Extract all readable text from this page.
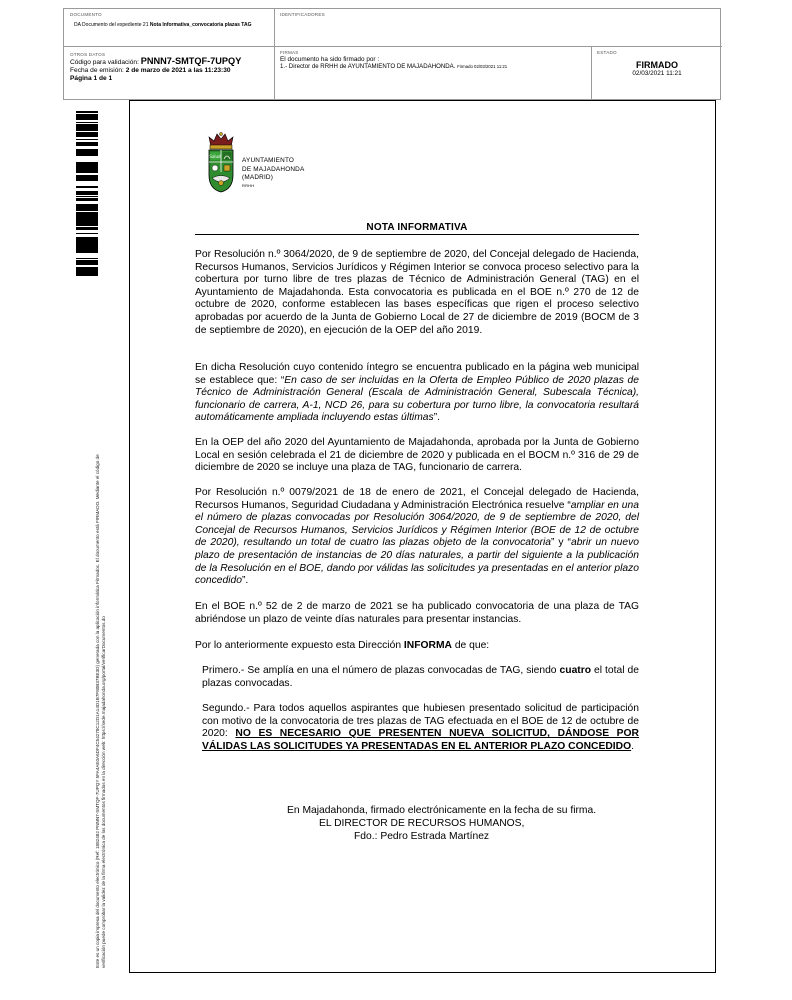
DOCUMENTO
DA Documento del expediente 21 Nota Informativa_convocatoria plazas TAG
IDENTIFICADORES
OTROS DATOS
Código para validación: PNNN7-SMTQF-7UPQY
Fecha de emisión: 2 de marzo de 2021 a las 11:23:30
Página 1 de 1
FIRMAS
El documento ha sido firmado por :
1.- Director de RRHH de AYUNTAMIENTO DE MAJADAHONDA. Firmado 02/03/2021 11:21
ESTADO
FIRMADO
02/03/2021 11:21
Este es un copia impresa del documento electrónico (Ref: 1882482 PNNN7-SMTQF-7UPQY 5FA4AE0A6DF4C54278C12D1A14D1B7F80B37BE3D) generada con la aplicación informática Firmadoc. El documento está FIRMADO. Mediante el código de verificación puede comprobar la validez de la firma electrónica de los documentos firmados en la dirección web: https://sede.majadahonda.org/portal/verificarDocumentos.do
Salud
AYUNTAMIENTO
DE MAJADAHONDA
(MADRID)
RRHH
NOTA INFORMATIVA

Por Resolución n.º 3064/2020, de 9 de septiembre de 2020, del Concejal delegado de Hacienda, Recursos Humanos, Servicios Jurídicos y Régimen Interior se convoca proceso selectivo para la cobertura por turno libre de tres plazas de Técnico de Administración General (TAG) en el Ayuntamiento de Majadahonda. Esta convocatoria es publicada en el BOE n.º 270 de 12 de octubre de 2020, conforme establecen las bases específicas que rigen el proceso selectivo aprobadas por acuerdo de la Junta de Gobierno Local de 27 de diciembre de 2019 (BOCM de 3 de septiembre de 2020), en ejecución de la OEP del año 2019.

En dicha Resolución cuyo contenido íntegro se encuentra publicado en la página web municipal se establece que: “En caso de ser incluidas en la Oferta de Empleo Público de 2020 plazas de Técnico de Administración General (Escala de Administración General, Subescala Técnica), funcionario de carrera, A-1, NCD 26, para su cobertura por turno libre, la convocatoria resultará automáticamente ampliada incluyendo estas últimas”.

En la OEP del año 2020 del Ayuntamiento de Majadahonda, aprobada por la Junta de Gobierno Local en sesión celebrada el 21 de diciembre de 2020 y publicada en el BOCM n.º 316 de 29 de diciembre de 2020 se incluye una plaza de TAG, funcionario de carrera.

Por Resolución n.º 0079/2021 de 18 de enero de 2021, el Concejal delegado de Hacienda, Recursos Humanos, Seguridad Ciudadana y Administración Electrónica resuelve “ampliar en una el número de plazas convocadas por Resolución 3064/2020, de 9 de septiembre de 2020, del Concejal de Recursos Humanos, Servicios Jurídicos y Régimen Interior (BOE de 12 de octubre de 2020), resultando un total de cuatro las plazas objeto de la convocatoria” y “abrir un nuevo plazo de presentación de instancias de 20 días naturales, a partir del siguiente a la publicación de la Resolución en el BOE, dando por válidas las solicitudes ya presentadas en el anterior plazo concedido”.

En el BOE n.º 52 de 2 de marzo de 2021 se ha publicado convocatoria de una plaza de TAG abriéndose un plazo de veinte días naturales para presentar instancias.

Por lo anteriormente expuesto esta Dirección INFORMA de que:

Primero.- Se amplía en una el número de plazas convocadas de TAG, siendo cuatro el total de plazas convocadas.

Segundo.- Para todos aquellos aspirantes que hubiesen presentado solicitud de participación con motivo de la convocatoria de tres plazas de TAG efectuada en el BOE de 12 de octubre de 2020: NO ES NECESARIO QUE PRESENTEN NUEVA SOLICITUD, DÁNDOSE POR VÁLIDAS LAS SOLICITUDES YA PRESENTADAS EN EL ANTERIOR PLAZO CONCEDIDO.

En Majadahonda, firmado electrónicamente en la fecha de su firma.
EL DIRECTOR DE RECURSOS HUMANOS,
Fdo.: Pedro Estrada Martínez
